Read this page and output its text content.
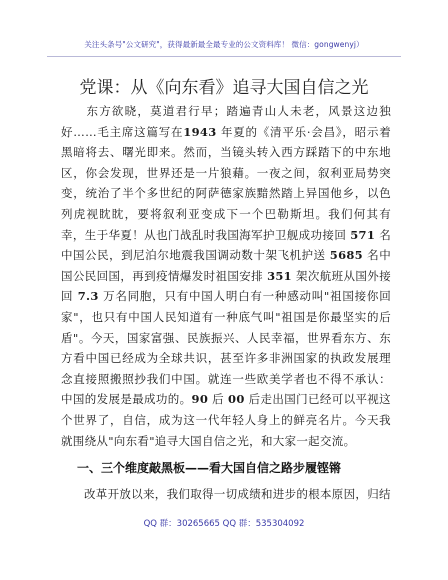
关注头条号"公文研究"，获得最新最全最专业的公文资料库！ 微信：gongwenyj）
党课：从《向东看》追寻大国自信之光

　　东方欲晓，莫道君行早；踏遍青山人未老，风景这边独好……毛主席这篇写在1943 年夏的《清平乐·会昌》，昭示着黑暗将去、曙光即来。然而，当镜头转入西方踩踏下的中东地区，你会发现，世界还是一片狼藉。一夜之间，叙利亚局势突变，统治了半个多世纪的阿萨德家族黯然踏上异国他乡，以色列虎视眈眈，要将叙利亚变成下一个巴勒斯坦。我们何其有幸，生于华夏！从也门战乱时我国海军护卫舰成功接回 571 名中国公民，到尼泊尔地震我国调动数十架飞机护送 5685 名中国公民回国，再到疫情爆发时祖国安排 351 架次航班从国外接回 7.3 万名同胞，只有中国人明白有一种感动叫"祖国接你回家"，也只有中国人民知道有一种底气叫"祖国是你最坚实的后盾"。今天，国家富强、民族振兴、人民幸福，世界看东方、东方看中国已经成为全球共识，甚至许多非洲国家的执政发展理念直接照搬照抄我们中国。就连一些欧美学者也不得不承认：中国的发展是最成功的。90 后 00 后走出国门已经可以平视这个世界了，自信，成为这一代年轻人身上的鲜亮名片。今天我就围绕从"向东看"追寻大国自信之光，和大家一起交流。

一、三个维度敲黑板——看大国自信之路步履铿锵

改革开放以来，我们取得一切成绩和进步的根本原因，归结

QQ 群：30265665 QQ 群：535304092
